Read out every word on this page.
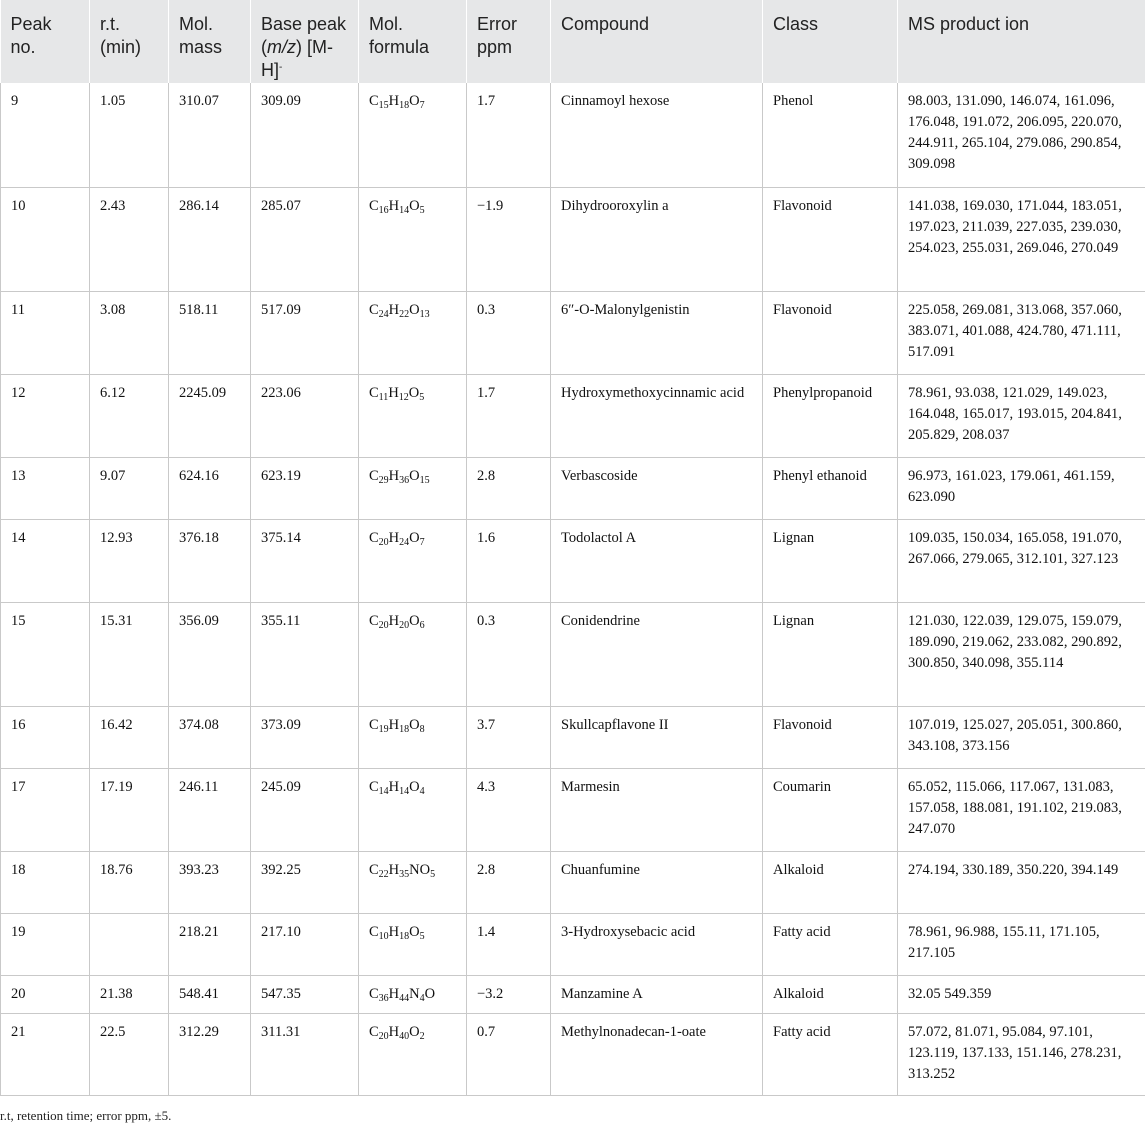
Peak no.	r.t. (min)	Mol. mass	Base peak (m/z) [M-H]-	Mol. formula	Error ppm	Compound	Class	MS product ion
9	1.05	310.07	309.09	$C_{15}H_{18}O_7$	1.7	Cinnamoyl hexose	Phenol	98.003, 131.090, 146.074, 161.096, 176.048, 191.072, 206.095, 220.070, 244.911, 265.104, 279.086, 290.854, 309.098
10	2.43	286.14	285.07	$C_{16}H_{14}O_5$	−1.9	Dihydrooroxylin a	Flavonoid	141.038, 169.030, 171.044, 183.051, 197.023, 211.039, 227.035, 239.030, 254.023, 255.031, 269.046, 270.049
11	3.08	518.11	517.09	$C_{24}H_{22}O_{13}$	0.3	6″-O-Malonylgenistin	Flavonoid	225.058, 269.081, 313.068, 357.060, 383.071, 401.088, 424.780, 471.111, 517.091
12	6.12	2245.09	223.06	$C_{11}H_{12}O_5$	1.7	Hydroxymethoxycinnamic acid	Phenylpropanoid	78.961, 93.038, 121.029, 149.023, 164.048, 165.017, 193.015, 204.841, 205.829, 208.037
13	9.07	624.16	623.19	$C_{29}H_{36}O_{15}$	2.8	Verbascoside	Phenyl ethanoid	96.973, 161.023, 179.061, 461.159, 623.090
14	12.93	376.18	375.14	$C_{20}H_{24}O_7$	1.6	Todolactol A	Lignan	109.035, 150.034, 165.058, 191.070, 267.066, 279.065, 312.101, 327.123
15	15.31	356.09	355.11	$C_{20}H_{20}O_6$	0.3	Conidendrine	Lignan	121.030, 122.039, 129.075, 159.079, 189.090, 219.062, 233.082, 290.892, 300.850, 340.098, 355.114
16	16.42	374.08	373.09	$C_{19}H_{18}O_8$	3.7	Skullcapflavone II	Flavonoid	107.019, 125.027, 205.051, 300.860, 343.108, 373.156
17	17.19	246.11	245.09	$C_{14}H_{14}O_4$	4.3	Marmesin	Coumarin	65.052, 115.066, 117.067, 131.083, 157.058, 188.081, 191.102, 219.083, 247.070
18	18.76	393.23	392.25	$C_{22}H_{35}NO_5$	2.8	Chuanfumine	Alkaloid	274.194, 330.189, 350.220, 394.149
19		218.21	217.10	$C_{10}H_{18}O_5$	1.4	3-Hydroxysebacic acid	Fatty acid	78.961, 96.988, 155.11, 171.105, 217.105
20	21.38	548.41	547.35	$C_{36}H_{44}N_4O$	−3.2	Manzamine A	Alkaloid	32.05 549.359
21	22.5	312.29	311.31	$C_{20}H_{40}O_2$	0.7	Methylnonadecan-1-oate	Fatty acid	57.072, 81.071, 95.084, 97.101, 123.119, 137.133, 151.146, 278.231, 313.252
r.t, retention time; error ppm, ±5.
